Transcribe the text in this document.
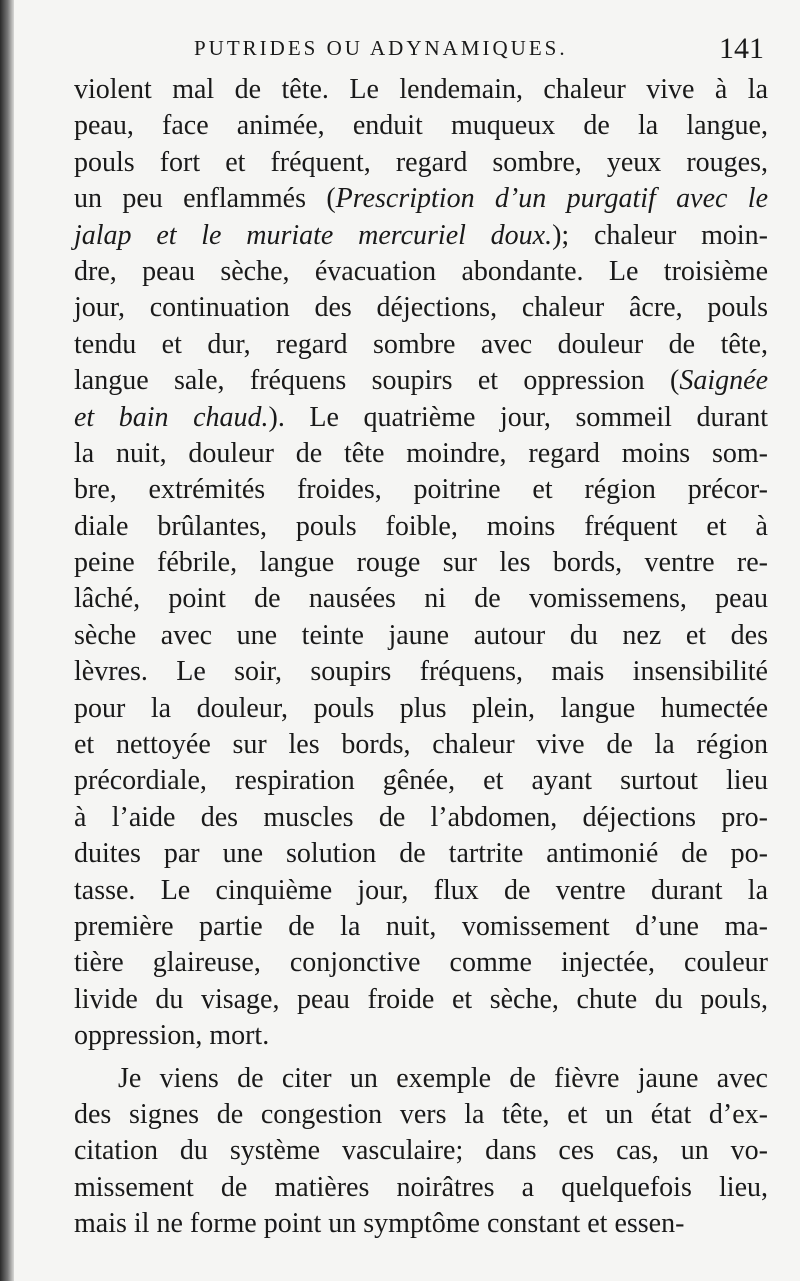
PUTRIDES OU ADYNAMIQUES.	141
violent mal de tête. Le lendemain, chaleur vive à la
peau, face animée, enduit muqueux de la langue,
pouls fort et fréquent, regard sombre, yeux rouges,
un peu enflammés (Prescription d’un purgatif avec le
jalap et le muriate mercuriel doux.); chaleur moin-
dre, peau sèche, évacuation abondante. Le troisième
jour, continuation des déjections, chaleur âcre, pouls
tendu et dur, regard sombre avec douleur de tête,
langue sale, fréquens soupirs et oppression (Saignée
et bain chaud.). Le quatrième jour, sommeil durant
la nuit, douleur de tête moindre, regard moins som-
bre, extrémités froides, poitrine et région précor-
diale brûlantes, pouls foible, moins fréquent et à
peine fébrile, langue rouge sur les bords, ventre re-
lâché, point de nausées ni de vomissemens, peau
sèche avec une teinte jaune autour du nez et des
lèvres. Le soir, soupirs fréquens, mais insensibilité
pour la douleur, pouls plus plein, langue humectée
et nettoyée sur les bords, chaleur vive de la région
précordiale, respiration gênée, et ayant surtout lieu
à l’aide des muscles de l’abdomen, déjections pro-
duites par une solution de tartrite antimonié de po-
tasse. Le cinquième jour, flux de ventre durant la
première partie de la nuit, vomissement d’une ma-
tière glaireuse, conjonctive comme injectée, couleur
livide du visage, peau froide et sèche, chute du pouls,
oppression, mort.
Je viens de citer un exemple de fièvre jaune avec
des signes de congestion vers la tête, et un état d’ex-
citation du système vasculaire; dans ces cas, un vo-
missement de matières noirâtres a quelquefois lieu,
mais il ne forme point un symptôme constant et essen-
